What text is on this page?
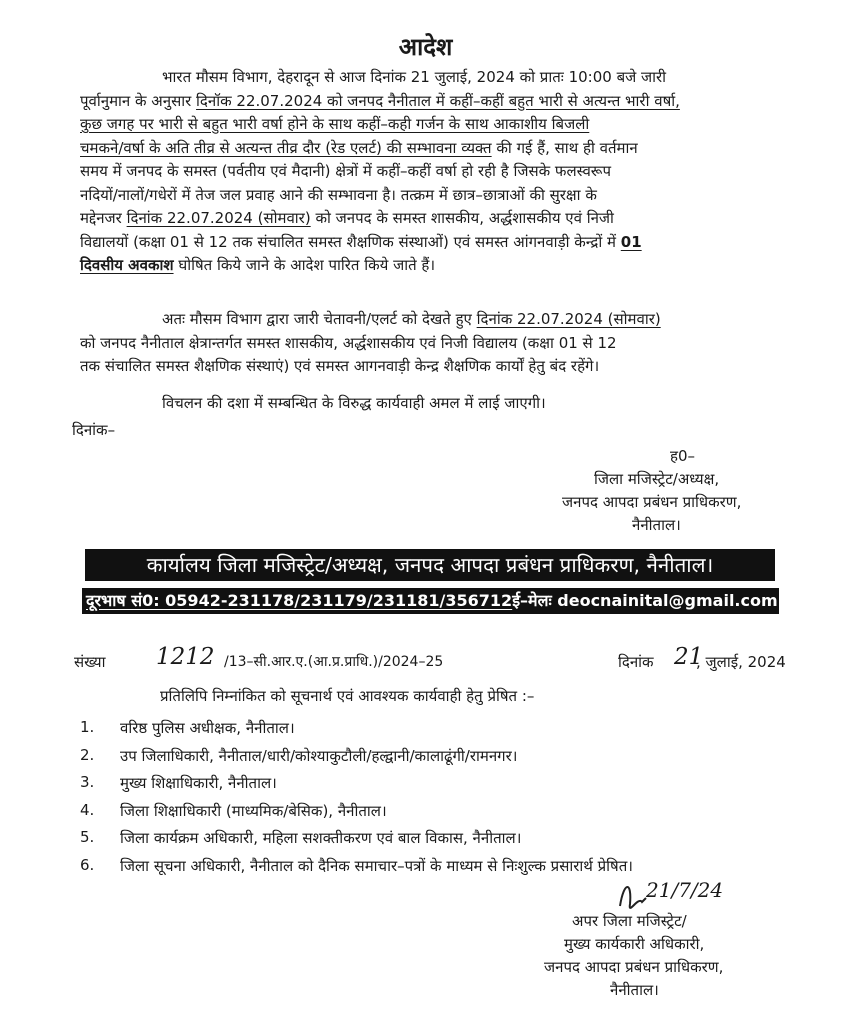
आदेश
भारत मौसम विभाग, देहरादून से आज दिनांक 21 जुलाई, 2024 को प्रातः 10:00 बजे जारी
पूर्वानुमान के अनुसार दिनॉक 22.07.2024 को जनपद नैनीताल में कहीं–कहीं बहुत भारी से अत्यन्त भारी वर्षा,
कुछ जगह पर भारी से बहुत भारी वर्षा होने के साथ कहीं–कही गर्जन के साथ आकाशीय बिजली
चमकने/वर्षा के अति तीव्र से अत्यन्त तीव्र दौर (रेड एलर्ट) की सम्भावना व्यक्त की गई हैं, साथ ही वर्तमान
समय में जनपद के समस्त (पर्वतीय एवं मैदानी) क्षेत्रों में कहीं–कहीं वर्षा हो रही है जिसके फलस्वरूप
नदियों/नालों/गधेरों में तेज जल प्रवाह आने की सम्भावना है। तत्क्रम में छात्र–छात्राओं की सुरक्षा के
मद्देनजर दिनांक 22.07.2024 (सोमवार) को जनपद के समस्त शासकीय, अर्द्धशासकीय एवं निजी
विद्यालयों (कक्षा 01 से 12 तक संचालित समस्त शैक्षणिक संस्थाओं) एवं समस्त आंगनवाड़ी केन्द्रों में 01
दिवसीय अवकाश घोषित किये जाने के आदेश पारित किये जाते हैं।
अतः मौसम विभाग द्वारा जारी चेतावनी/एलर्ट को देखते हुए दिनांक 22.07.2024 (सोमवार)
को जनपद नैनीताल क्षेत्रान्तर्गत समस्त शासकीय, अर्द्धशासकीय एवं निजी विद्यालय (कक्षा 01 से 12
तक संचालित समस्त शैक्षणिक संस्थाएं) एवं समस्त आगनवाड़ी केन्द्र शैक्षणिक कार्यों हेतु बंद रहेंगे।
विचलन की दशा में सम्बन्धित के विरुद्ध कार्यवाही अमल में लाई जाएगी।
दिनांक–
ह0–
जिला मजिस्ट्रेट/अध्यक्ष,
जनपद आपदा प्रबंधन प्राधिकरण,
नैनीताल।
कार्यालय जिला मजिस्ट्रेट/अध्यक्ष, जनपद आपदा प्रबंधन प्राधिकरण, नैनीताल।
दूरभाष सं0: 05942-231178/231179/231181/356712 ई–मेलः deocnainital@gmail.com
संख्या 1212 /13–सी.आर.ए.(आ.प्र.प्राधि.)/2024–25	दिनांक 21
, जुलाई, 2024
प्रतिलिपि निम्नांकित को सूचनार्थ एवं आवश्यक कार्यवाही हेतु प्रेषित :–
1.	वरिष्ठ पुलिस अधीक्षक, नैनीताल।
2.	उप जिलाधिकारी, नैनीताल/धारी/कोश्याकुटौली/हल्द्वानी/कालाढूंगी/रामनगर।
3.	मुख्य शिक्षाधिकारी, नैनीताल।
4.	जिला शिक्षाधिकारी (माध्यमिक/बेसिक), नैनीताल।
5.	जिला कार्यक्रम अधिकारी, महिला सशक्तीकरण एवं बाल विकास, नैनीताल।
6.	जिला सूचना अधिकारी, नैनीताल को दैनिक समाचार–पत्रों के माध्यम से निःशुल्क प्रसारार्थ प्रेषित।
21/7/24
अपर जिला मजिस्ट्रेट/
मुख्य कार्यकारी अधिकारी,
जनपद आपदा प्रबंधन प्राधिकरण,
नैनीताल।
